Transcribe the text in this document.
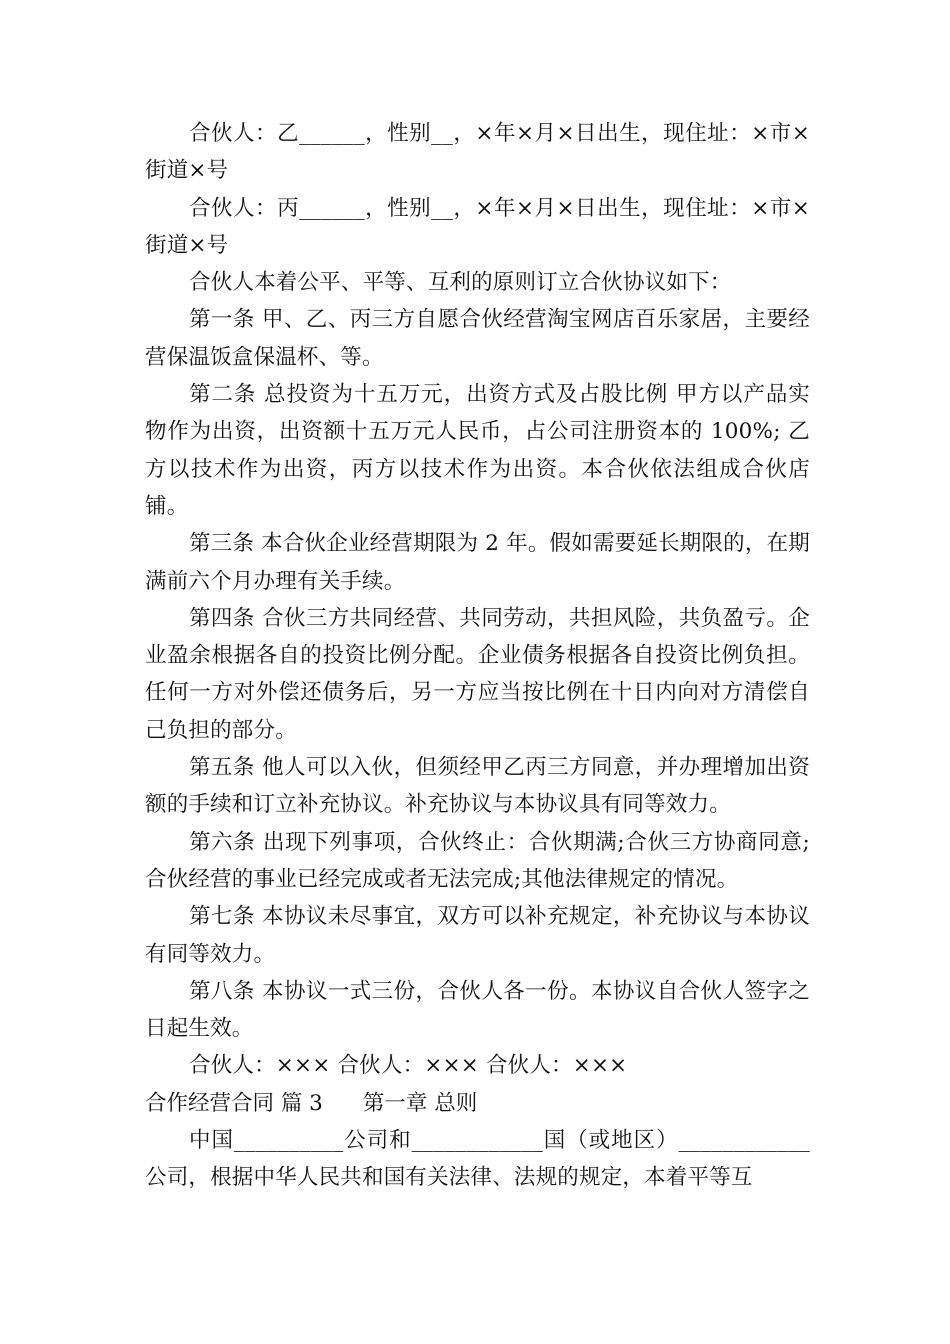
合伙人：乙______，性别__，×年×月×日出生，现住址：×市×街道×号

合伙人：丙______，性别__，×年×月×日出生，现住址：×市×街道×号

合伙人本着公平、平等、互利的原则订立合伙协议如下：

第一条 甲、乙、丙三方自愿合伙经营淘宝网店百乐家居，主要经营保温饭盒保温杯、等。

第二条 总投资为十五万元，出资方式及占股比例 甲方以产品实物作为出资，出资额十五万元人民币，占公司注册资本的 100%; 乙方以技术作为出资，丙方以技术作为出资。本合伙依法组成合伙店铺。

第三条 本合伙企业经营期限为 2 年。假如需要延长期限的，在期满前六个月办理有关手续。

第四条 合伙三方共同经营、共同劳动，共担风险，共负盈亏。企业盈余根据各自的投资比例分配。企业债务根据各自投资比例负担。任何一方对外偿还债务后，另一方应当按比例在十日内向对方清偿自己负担的部分。

第五条 他人可以入伙，但须经甲乙丙三方同意，并办理增加出资额的手续和订立补充协议。补充协议与本协议具有同等效力。

第六条 出现下列事项，合伙终止：合伙期满;合伙三方协商同意;合伙经营的事业已经完成或者无法完成;其他法律规定的情况。

第七条 本协议未尽事宜，双方可以补充规定，补充协议与本协议有同等效力。

第八条 本协议一式三份，合伙人各一份。本协议自合伙人签字之日起生效。

合伙人：××× 合伙人：××× 合伙人：×××

合作经营合同 篇 3 第一章 总则

中国__________公司和____________国（或地区）____________公司，根据中华人民共和国有关法律、法规的规定，本着平等互
